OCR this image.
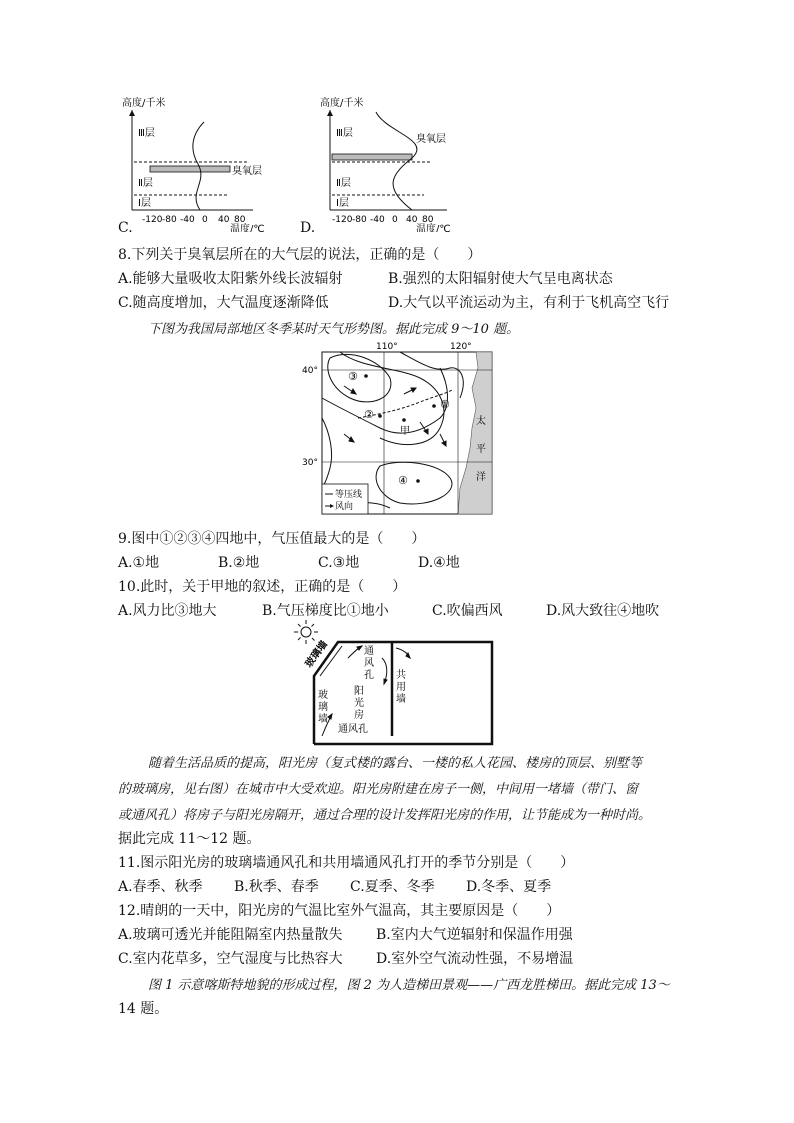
高度/千米
Ⅲ层
Ⅱ层
Ⅰ层
臭氧层
-120 -80 -40 0 40 80
温度/℃
C.
高度/千米
Ⅲ层
Ⅱ层
Ⅰ层
臭氧层
-120 -80 -40 0 40 80
温度/℃
D.
8.下列关于臭氧层所在的大气层的说法，正确的是（　　）
A.能够大量吸收太阳紫外线长波辐射	B.强烈的太阳辐射使大气呈电离状态
C.随高度增加，大气温度逐渐降低	D.大气以平流运动为主，有利于飞机高空飞行
下图为我国局部地区冬季某时天气形势图。据此完成 9～10 题。
110°	120°
40°
30°
③
②
①
甲
④
太
平
洋
等压线
风向
9.图中①②③④四地中，气压值最大的是（　　）
A.①地	B.②地	C.③地	D.④地
10.此时，关于甲地的叙述，正确的是（　　）
A.风力比③地大	B.气压梯度比①地小	C.吹偏西风	D.风大致往④地吹
玻璃墙
玻
璃
墙
通
风
孔
阳
光
房
通风孔
共
用
墙
随着生活品质的提高，阳光房（复式楼的露台、一楼的私人花园、楼房的顶层、别墅等
的玻璃房，见右图）在城市中大受欢迎。阳光房附建在房子一侧，中间用一堵墙（带门、窗
或通风孔）将房子与阳光房隔开，通过合理的设计发挥阳光房的作用，让节能成为一种时尚。
据此完成 11～12 题。
11.图示阳光房的玻璃墙通风孔和共用墙通风孔打开的季节分别是（　　）
A.春季、秋季 B.秋季、春季 C.夏季、冬季 D.冬季、夏季
12.晴朗的一天中，阳光房的气温比室外气温高，其主要原因是（　　）
A.玻璃可透光并能阻隔室内热量散失 B.室内大气逆辐射和保温作用强
C.室内花草多，空气湿度与比热容大 D.室外空气流动性强，不易增温
图 1 示意喀斯特地貌的形成过程，图 2 为人造梯田景观——广西龙胜梯田。据此完成 13～
14 题。
